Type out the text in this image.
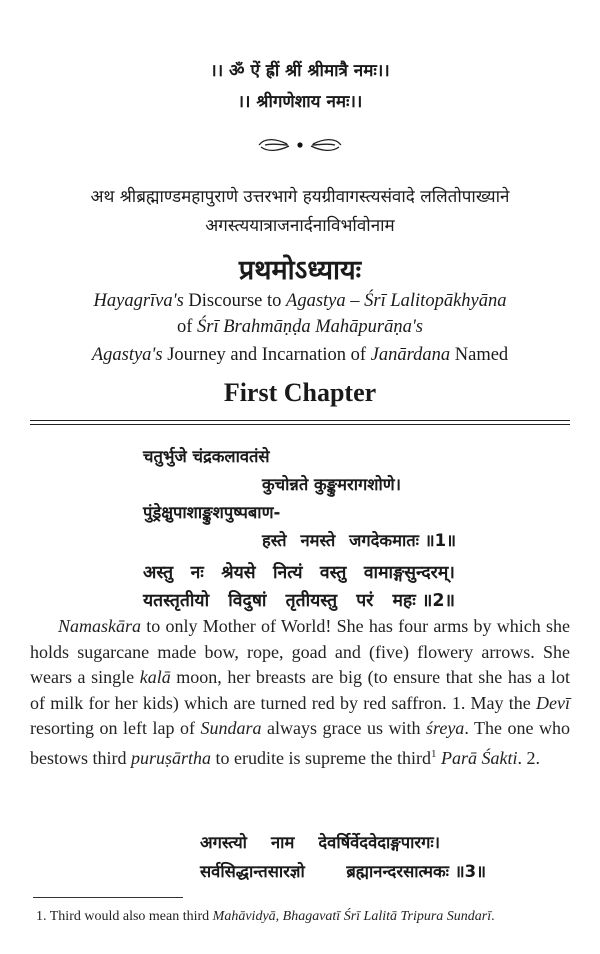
।। ॐ ऐं ह्रीं श्रीं श्रीमात्रै नमः।।
।। श्रीगणेशाय नमः।।
अथ श्रीब्रह्माण्डमहापुराणे उत्तरभागे हयग्रीवागस्त्यसंवादे ललितोपाख्याने
अगस्त्ययात्राजनार्दनाविर्भावोनाम
प्रथमोऽध्यायः
Hayagrīva's Discourse to Agastya – Śrī Lalitopākhyāna
of Śrī Brahmāṇḍa Mahāpurāṇa's
Agastya's Journey and Incarnation of Janārdana Named
First Chapter
चतुर्भुजे चंद्रकलावतंसे
कुचोन्नते कुङ्कुमरागशोणे।
पुंड्रेक्षुपाशाङ्कुशपुष्पबाण-
हस्ते नमस्ते जगदेकमातः ॥1॥
अस्तु नः श्रेयसे नित्यं वस्तु वामाङ्गसुन्दरम्।
यतस्तृतीयो विदुषां तृतीयस्तु परं महः ॥2॥
Namaskāra to only Mother of World! She has four arms by which she holds sugarcane made bow, rope, goad and (five) flowery arrows. She wears a single kalā moon, her breasts are big (to ensure that she has a lot of milk for her kids) which are turned red by red saffron. 1. May the Devī resorting on left lap of Sundara always grace us with śreya. The one who bestows third puruṣārtha to erudite is supreme the third$^1$ Parā Śakti. 2.
अगस्त्यो नाम देवर्षिर्वेदवेदाङ्गपारगः।
सर्वसिद्धान्तसारज्ञो	ब्रह्मानन्दरसात्मकः ॥3॥
1. Third would also mean third Mahāvidyā, Bhagavatī Śrī Lalitā Tripura Sundarī.
